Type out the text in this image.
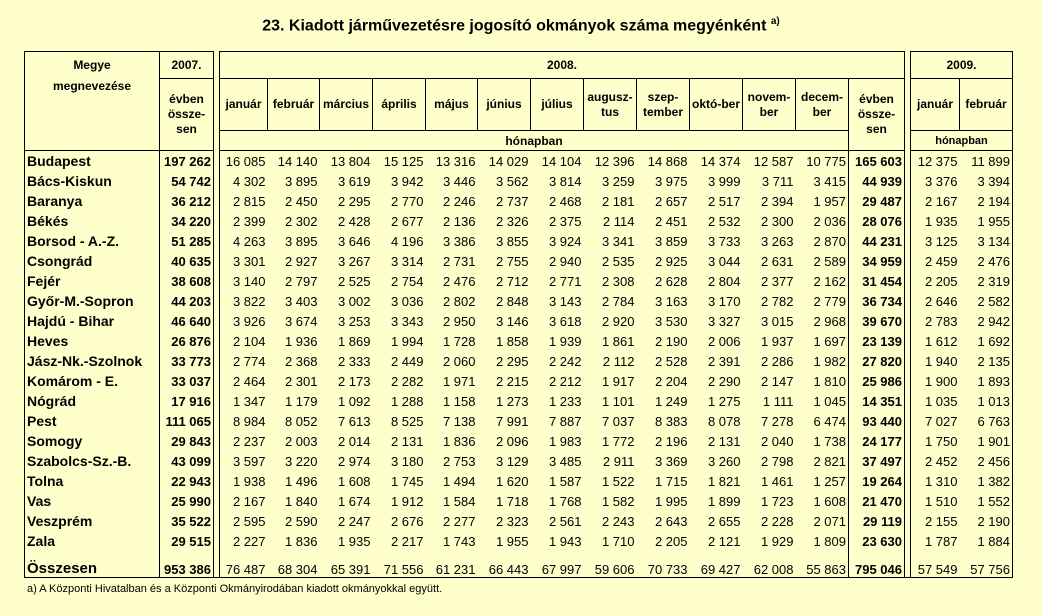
23. Kiadott járművezetésre jogosító okmányok száma megyénként $^{a)}$
Megye
megnevezése	2007.		2008.														2009.	
	évben össze-sen		január	február	március	április	május	június	július	augusz-tus	szep-tember	októ-ber	novem-ber	decem-ber	évben össze-sen		január	február
			hónapban														hónapban	
Budapest	197 262		16 085	14 140	13 804	15 125	13 316	14 029	14 104	12 396	14 868	14 374	12 587	10 775	165 603		12 375	11 899
Bács-Kiskun	54 742		4 302	3 895	3 619	3 942	3 446	3 562	3 814	3 259	3 975	3 999	3 711	3 415	44 939		3 376	3 394
Baranya	36 212		2 815	2 450	2 295	2 770	2 246	2 737	2 468	2 181	2 657	2 517	2 394	1 957	29 487		2 167	2 194
Békés	34 220		2 399	2 302	2 428	2 677	2 136	2 326	2 375	2 114	2 451	2 532	2 300	2 036	28 076		1 935	1 955
Borsod - A.-Z.	51 285		4 263	3 895	3 646	4 196	3 386	3 855	3 924	3 341	3 859	3 733	3 263	2 870	44 231		3 125	3 134
Csongrád	40 635		3 301	2 927	3 267	3 314	2 731	2 755	2 940	2 535	2 925	3 044	2 631	2 589	34 959		2 459	2 476
Fejér	38 608		3 140	2 797	2 525	2 754	2 476	2 712	2 771	2 308	2 628	2 804	2 377	2 162	31 454		2 205	2 319
Győr-M.-Sopron	44 203		3 822	3 403	3 002	3 036	2 802	2 848	3 143	2 784	3 163	3 170	2 782	2 779	36 734		2 646	2 582
Hajdú - Bihar	46 640		3 926	3 674	3 253	3 343	2 950	3 146	3 618	2 920	3 530	3 327	3 015	2 968	39 670		2 783	2 942
Heves	26 876		2 104	1 936	1 869	1 994	1 728	1 858	1 939	1 861	2 190	2 006	1 937	1 697	23 139		1 612	1 692
Jász-Nk.-Szolnok	33 773		2 774	2 368	2 333	2 449	2 060	2 295	2 242	2 112	2 528	2 391	2 286	1 982	27 820		1 940	2 135
Komárom - E.	33 037		2 464	2 301	2 173	2 282	1 971	2 215	2 212	1 917	2 204	2 290	2 147	1 810	25 986		1 900	1 893
Nógrád	17 916		1 347	1 179	1 092	1 288	1 158	1 273	1 233	1 101	1 249	1 275	1 111	1 045	14 351		1 035	1 013
Pest	111 065		8 984	8 052	7 613	8 525	7 138	7 991	7 887	7 037	8 383	8 078	7 278	6 474	93 440		7 027	6 763
Somogy	29 843		2 237	2 003	2 014	2 131	1 836	2 096	1 983	1 772	2 196	2 131	2 040	1 738	24 177		1 750	1 901
Szabolcs-Sz.-B.	43 099		3 597	3 220	2 974	3 180	2 753	3 129	3 485	2 911	3 369	3 260	2 798	2 821	37 497		2 452	2 456
Tolna	22 943		1 938	1 496	1 608	1 745	1 494	1 620	1 587	1 522	1 715	1 821	1 461	1 257	19 264		1 310	1 382
Vas	25 990		2 167	1 840	1 674	1 912	1 584	1 718	1 768	1 582	1 995	1 899	1 723	1 608	21 470		1 510	1 552
Veszprém	35 522		2 595	2 590	2 247	2 676	2 277	2 323	2 561	2 243	2 643	2 655	2 228	2 071	29 119		2 155	2 190
Zala	29 515		2 227	1 836	1 935	2 217	1 743	1 955	1 943	1 710	2 205	2 121	1 929	1 809	23 630		1 787	1 884
Összesen	953 386		76 487	68 304	65 391	71 556	61 231	66 443	67 997	59 606	70 733	69 427	62 008	55 863	795 046		57 549	57 756
a) A Központi Hivatalban és a Központi Okmányirodában kiadott okmányokkal együtt.
